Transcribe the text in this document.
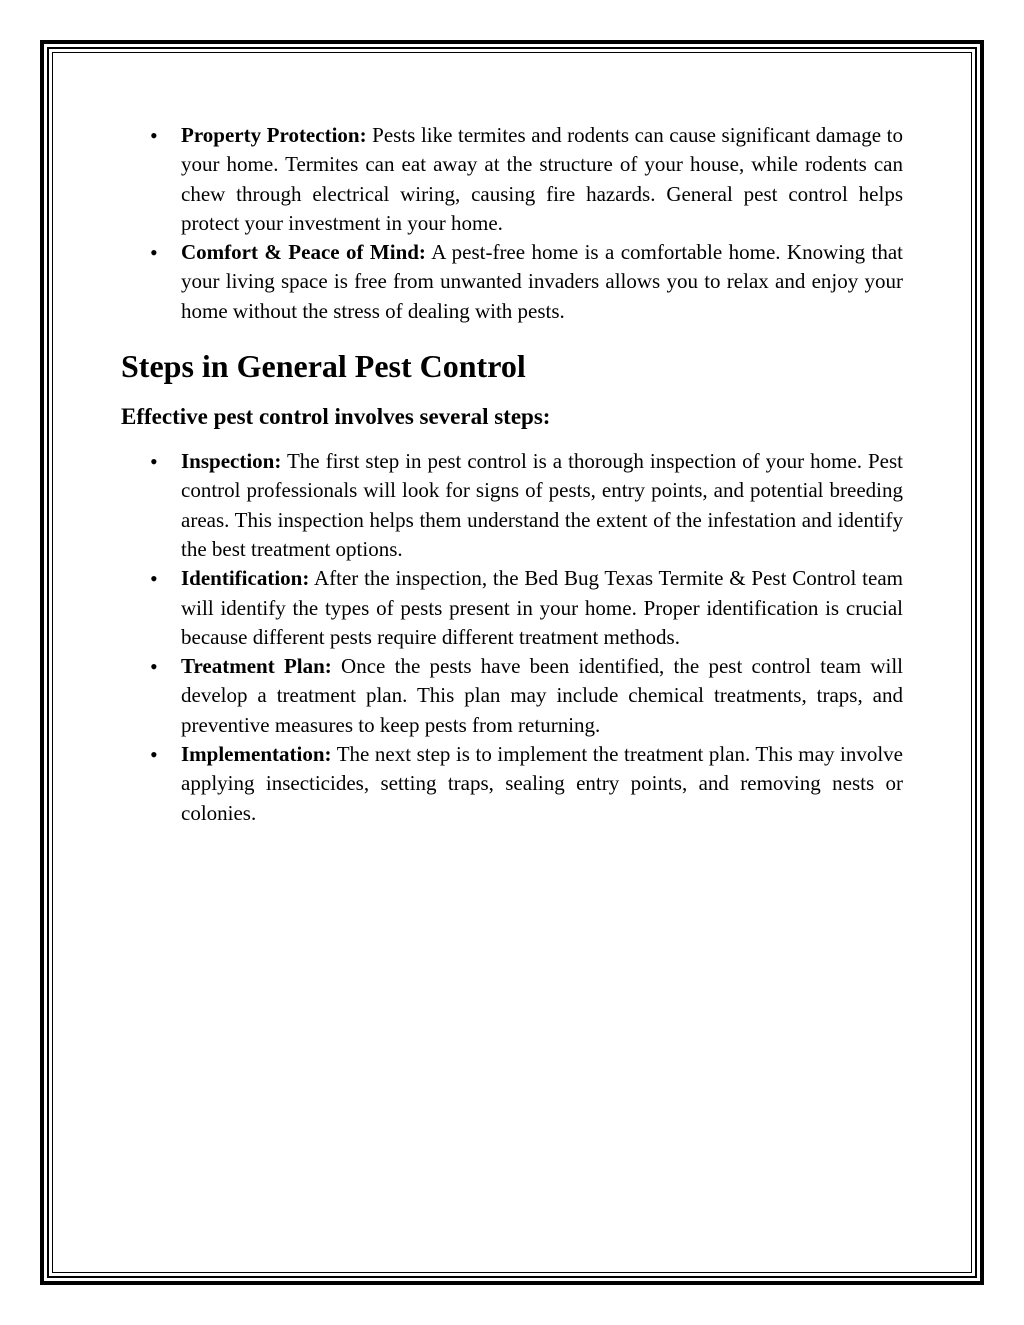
• Property Protection: Pests like termites and rodents can cause significant damage to your home. Termites can eat away at the structure of your house, while rodents can chew through electrical wiring, causing fire hazards. General pest control helps protect your investment in your home.
• Comfort & Peace of Mind: A pest-free home is a comfortable home. Knowing that your living space is free from unwanted invaders allows you to relax and enjoy your home without the stress of dealing with pests.
Steps in General Pest Control
Effective pest control involves several steps:
• Inspection: The first step in pest control is a thorough inspection of your home. Pest control professionals will look for signs of pests, entry points, and potential breeding areas. This inspection helps them understand the extent of the infestation and identify the best treatment options.
• Identification: After the inspection, the Bed Bug Texas Termite & Pest Control team will identify the types of pests present in your home. Proper identification is crucial because different pests require different treatment methods.
• Treatment Plan: Once the pests have been identified, the pest control team will develop a treatment plan. This plan may include chemical treatments, traps, and preventive measures to keep pests from returning.
• Implementation: The next step is to implement the treatment plan. This may involve applying insecticides, setting traps, sealing entry points, and removing nests or colonies.
